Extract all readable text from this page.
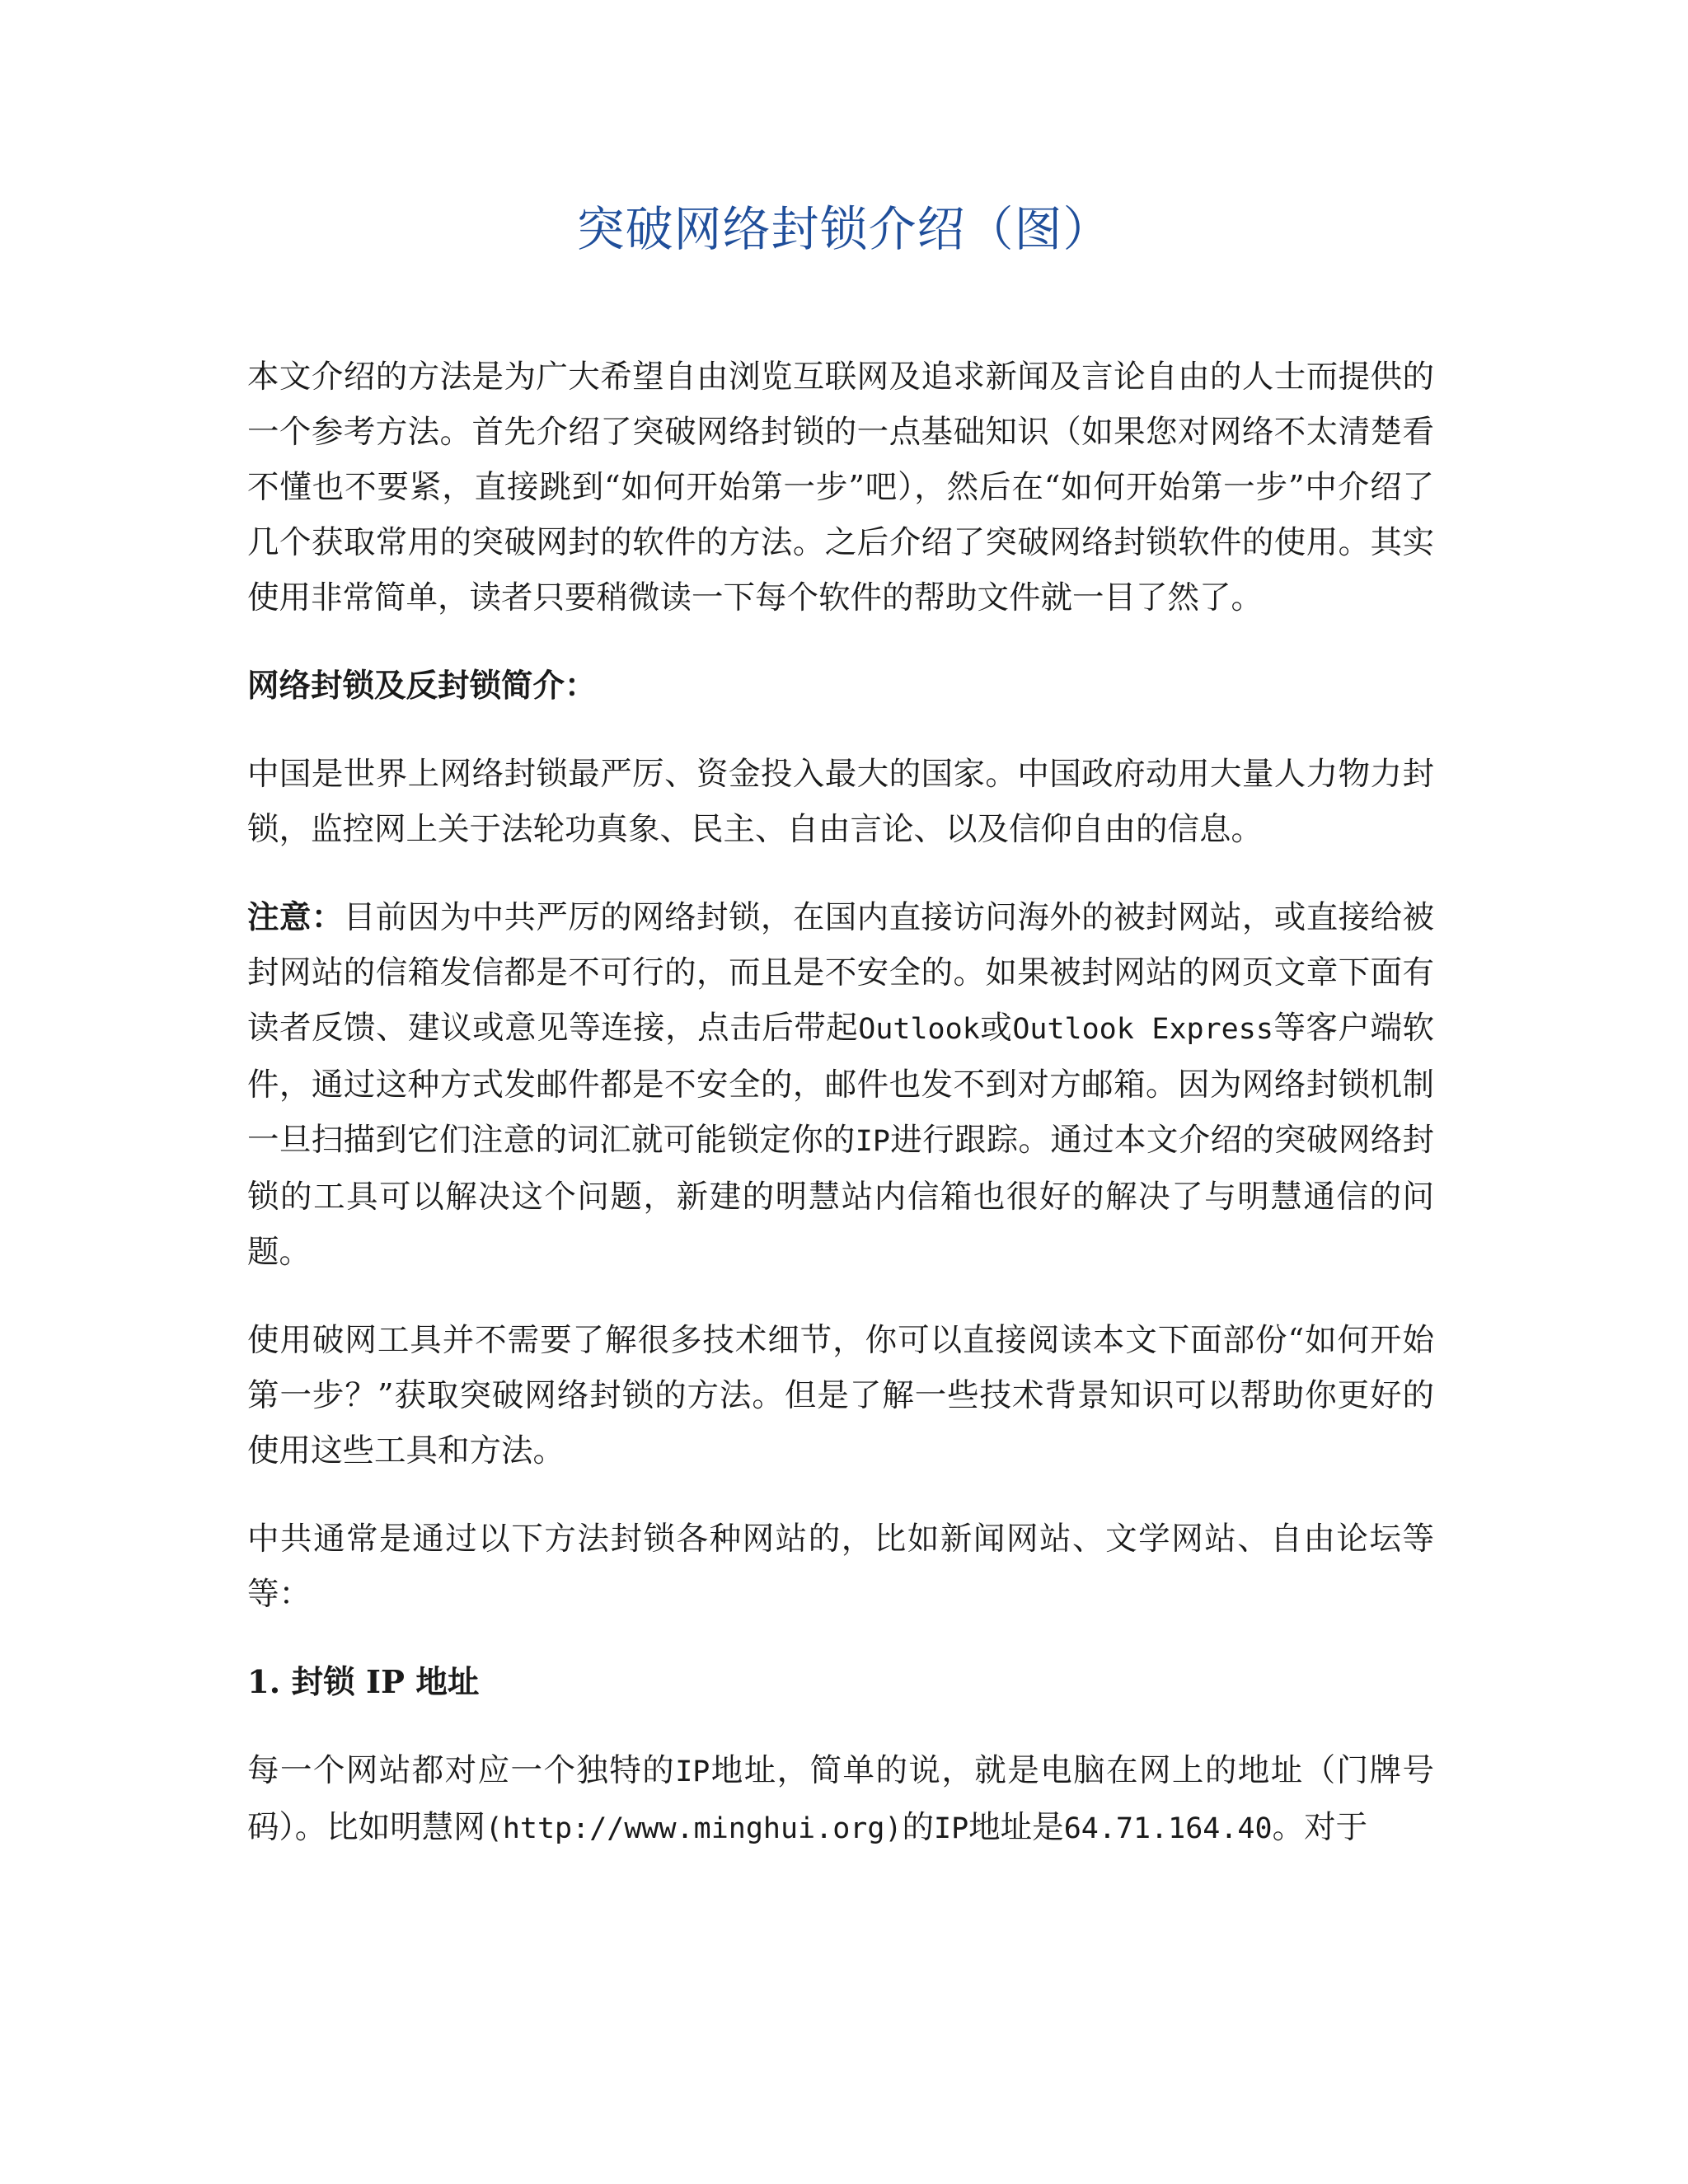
突破网络封锁介绍（图）

本文介绍的方法是为广大希望自由浏览互联网及追求新闻及言论自由的人士而提供的一个参考方法。首先介绍了突破网络封锁的一点基础知识（如果您对网络不太清楚看不懂也不要紧，直接跳到“如何开始第一步”吧），然后在“如何开始第一步”中介绍了几个获取常用的突破网封的软件的方法。之后介绍了突破网络封锁软件的使用。其实使用非常简单，读者只要稍微读一下每个软件的帮助文件就一目了然了。

网络封锁及反封锁简介：

中国是世界上网络封锁最严厉、资金投入最大的国家。中国政府动用大量人力物力封锁，监控网上关于法轮功真象、民主、自由言论、以及信仰自由的信息。

注意：目前因为中共严厉的网络封锁，在国内直接访问海外的被封网站，或直接给被封网站的信箱发信都是不可行的，而且是不安全的。如果被封网站的网页文章下面有读者反馈、建议或意见等连接，点击后带起Outlook或Outlook Express等客户端软件，通过这种方式发邮件都是不安全的，邮件也发不到对方邮箱。因为网络封锁机制一旦扫描到它们注意的词汇就可能锁定你的IP进行跟踪。通过本文介绍的突破网络封锁的工具可以解决这个问题，新建的明慧站内信箱也很好的解决了与明慧通信的问题。

使用破网工具并不需要了解很多技术细节，你可以直接阅读本文下面部份“如何开始第一步？”获取突破网络封锁的方法。但是了解一些技术背景知识可以帮助你更好的使用这些工具和方法。

中共通常是通过以下方法封锁各种网站的，比如新闻网站、文学网站、自由论坛等等：

1. 封锁 IP 地址

每一个网站都对应一个独特的IP地址，简单的说，就是电脑在网上的地址（门牌号码）。比如明慧网(http://www.minghui.org)的IP地址是64.71.164.40。对于
